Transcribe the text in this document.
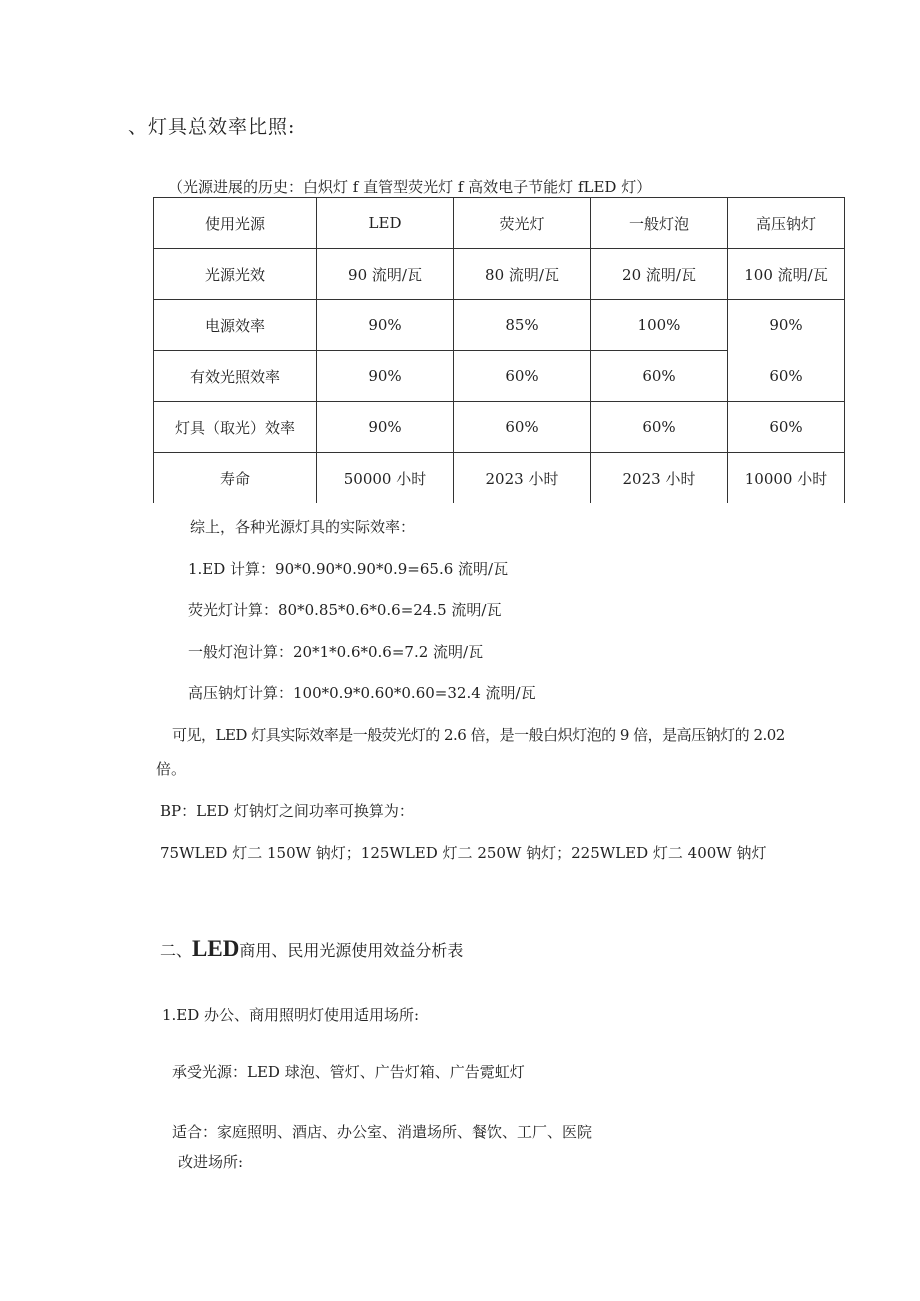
、灯具总效率比照:
（光源进展的历史：白炽灯 f 直管型荧光灯 f 高效电子节能灯 fLED 灯）
使用光源	LED	荧光灯	一般灯泡	高压钠灯
光源光效	90 流明/瓦	80 流明/瓦	20 流明/瓦	100 流明/瓦
电源效率	90%	85%	100%	90%
有效光照效率	90%	60%	60%	60%
灯具（取光）效率	90%	60%	60%	60%
寿命	50000 小时	2023 小时	2023 小时	10000 小时
综上，各种光源灯具的实际效率：
1.ED 计算：90*0.90*0.90*0.9=65.6 流明/瓦
荧光灯计算：80*0.85*0.6*0.6=24.5 流明/瓦
一般灯泡计算：20*1*0.6*0.6=7.2 流明/瓦
高压钠灯计算：100*0.9*0.60*0.60=32.4 流明/瓦
可见，LED 灯具实际效率是一般荧光灯的 2.6 倍，是一般白炽灯泡的 9 倍，是高压钠灯的 2.02
倍。
BP：LED 灯钠灯之间功率可换算为：
75WLED 灯二 150W 钠灯；125WLED 灯二 250W 钠灯；225WLED 灯二 400W 钠灯
二、LED商用、民用光源使用效益分析表
1.ED 办公、商用照明灯使用适用场所:
承受光源：LED 球泡、管灯、广告灯箱、广告霓虹灯
适合：家庭照明、酒店、办公室、消遣场所、餐饮、工厂、医院
改进场所:
